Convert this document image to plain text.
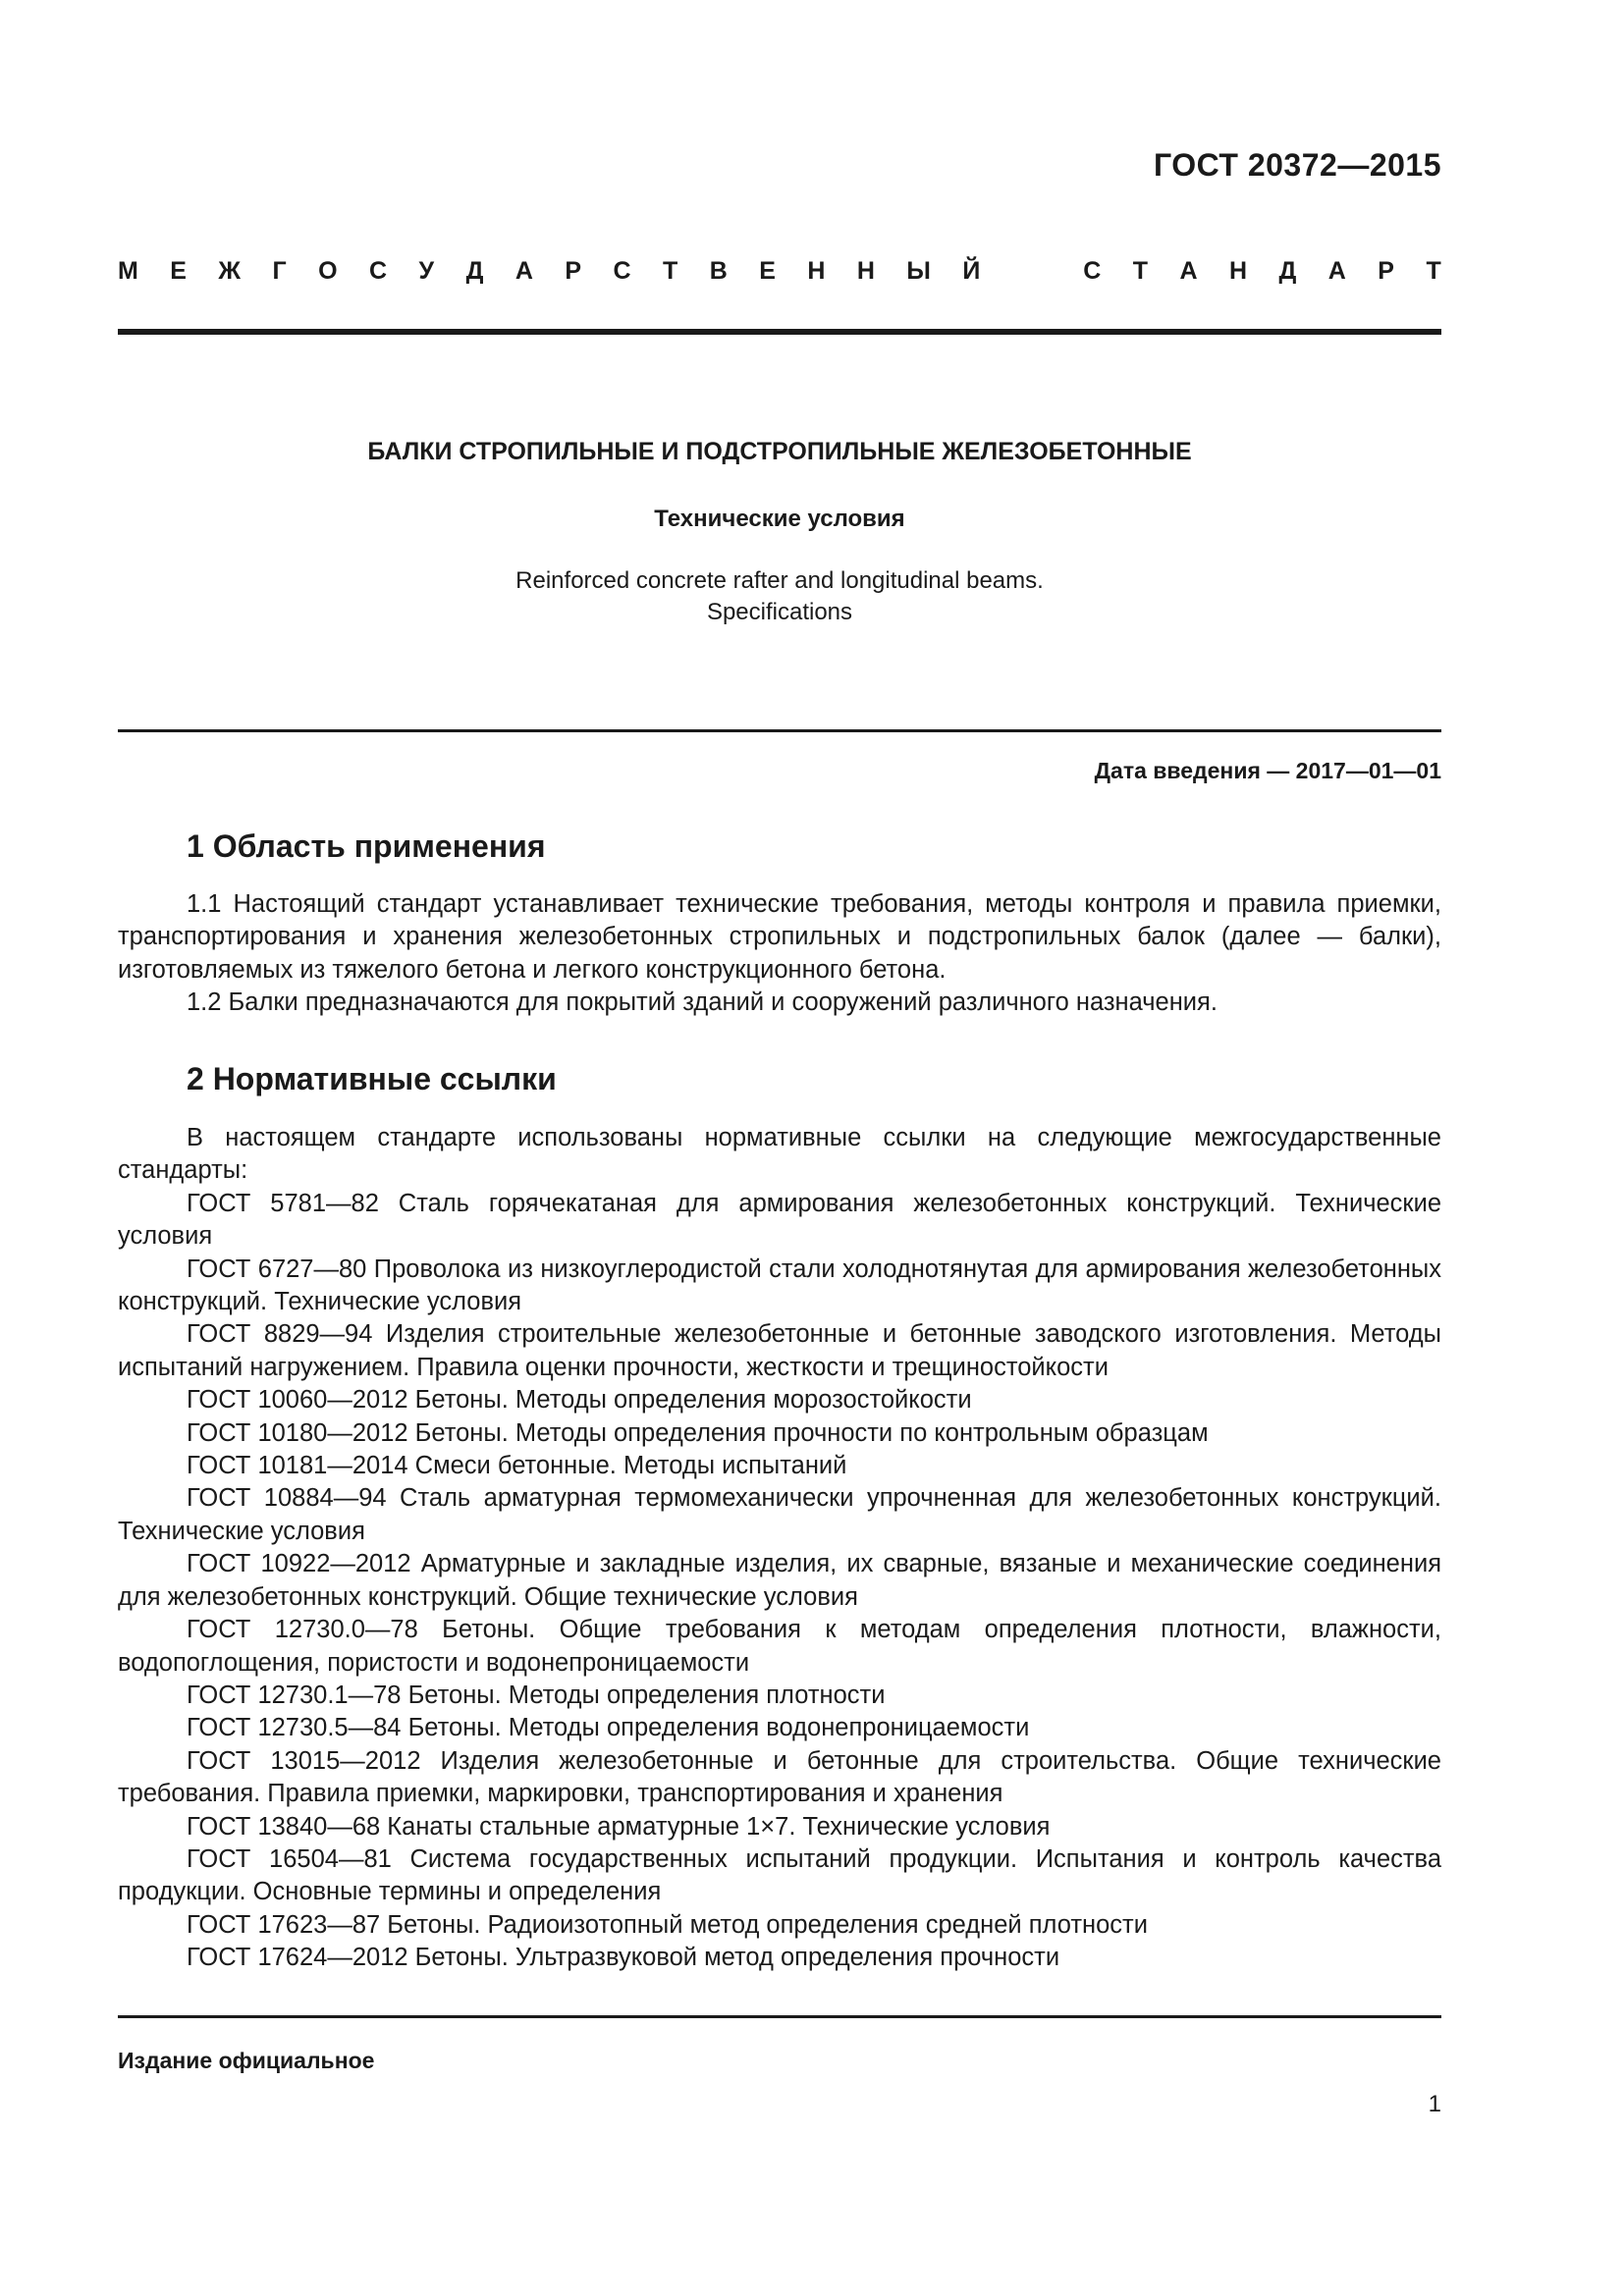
ГОСТ 20372—2015
М Е Ж Г О С У Д А Р С Т В Е Н Н Ы Й	С Т А Н Д А Р Т
БАЛКИ СТРОПИЛЬНЫЕ И ПОДСТРОПИЛЬНЫЕ ЖЕЛЕЗОБЕТОННЫЕ
Технические условия
Reinforced concrete rafter and longitudinal beams.
Specifications
Дата введения — 2017—01—01
1 Область применения

1.1 Настоящий стандарт устанавливает технические требования, методы контроля и правила приемки, транспортирования и хранения железобетонных стропильных и подстропильных балок (далее — балки), изготовляемых из тяжелого бетона и легкого конструкционного бетона.

1.2 Балки предназначаются для покрытий зданий и сооружений различного назначения.

2 Нормативные ссылки

В настоящем стандарте использованы нормативные ссылки на следующие межгосударственные стандарты:

ГОСТ 5781—82 Сталь горячекатаная для армирования железобетонных конструкций. Технические условия

ГОСТ 6727—80 Проволока из низкоуглеродистой стали холоднотянутая для армирования железобетонных конструкций. Технические условия

ГОСТ 8829—94 Изделия строительные железобетонные и бетонные заводского изготовления. Методы испытаний нагружением. Правила оценки прочности, жесткости и трещиностойкости

ГОСТ 10060—2012 Бетоны. Методы определения морозостойкости

ГОСТ 10180—2012 Бетоны. Методы определения прочности по контрольным образцам

ГОСТ 10181—2014 Смеси бетонные. Методы испытаний

ГОСТ 10884—94 Сталь арматурная термомеханически упрочненная для железобетонных конструкций. Технические условия

ГОСТ 10922—2012 Арматурные и закладные изделия, их сварные, вязаные и механические соединения для железобетонных конструкций. Общие технические условия

ГОСТ 12730.0—78 Бетоны. Общие требования к методам определения плотности, влажности, водопоглощения, пористости и водонепроницаемости

ГОСТ 12730.1—78 Бетоны. Методы определения плотности

ГОСТ 12730.5—84 Бетоны. Методы определения водонепроницаемости

ГОСТ 13015—2012 Изделия железобетонные и бетонные для строительства. Общие технические требования. Правила приемки, маркировки, транспортирования и хранения

ГОСТ 13840—68 Канаты стальные арматурные 1×7. Технические условия

ГОСТ 16504—81 Система государственных испытаний продукции. Испытания и контроль качества продукции. Основные термины и определения

ГОСТ 17623—87 Бетоны. Радиоизотопный метод определения средней плотности

ГОСТ 17624—2012 Бетоны. Ультразвуковой метод определения прочности

Издание официальное
1
